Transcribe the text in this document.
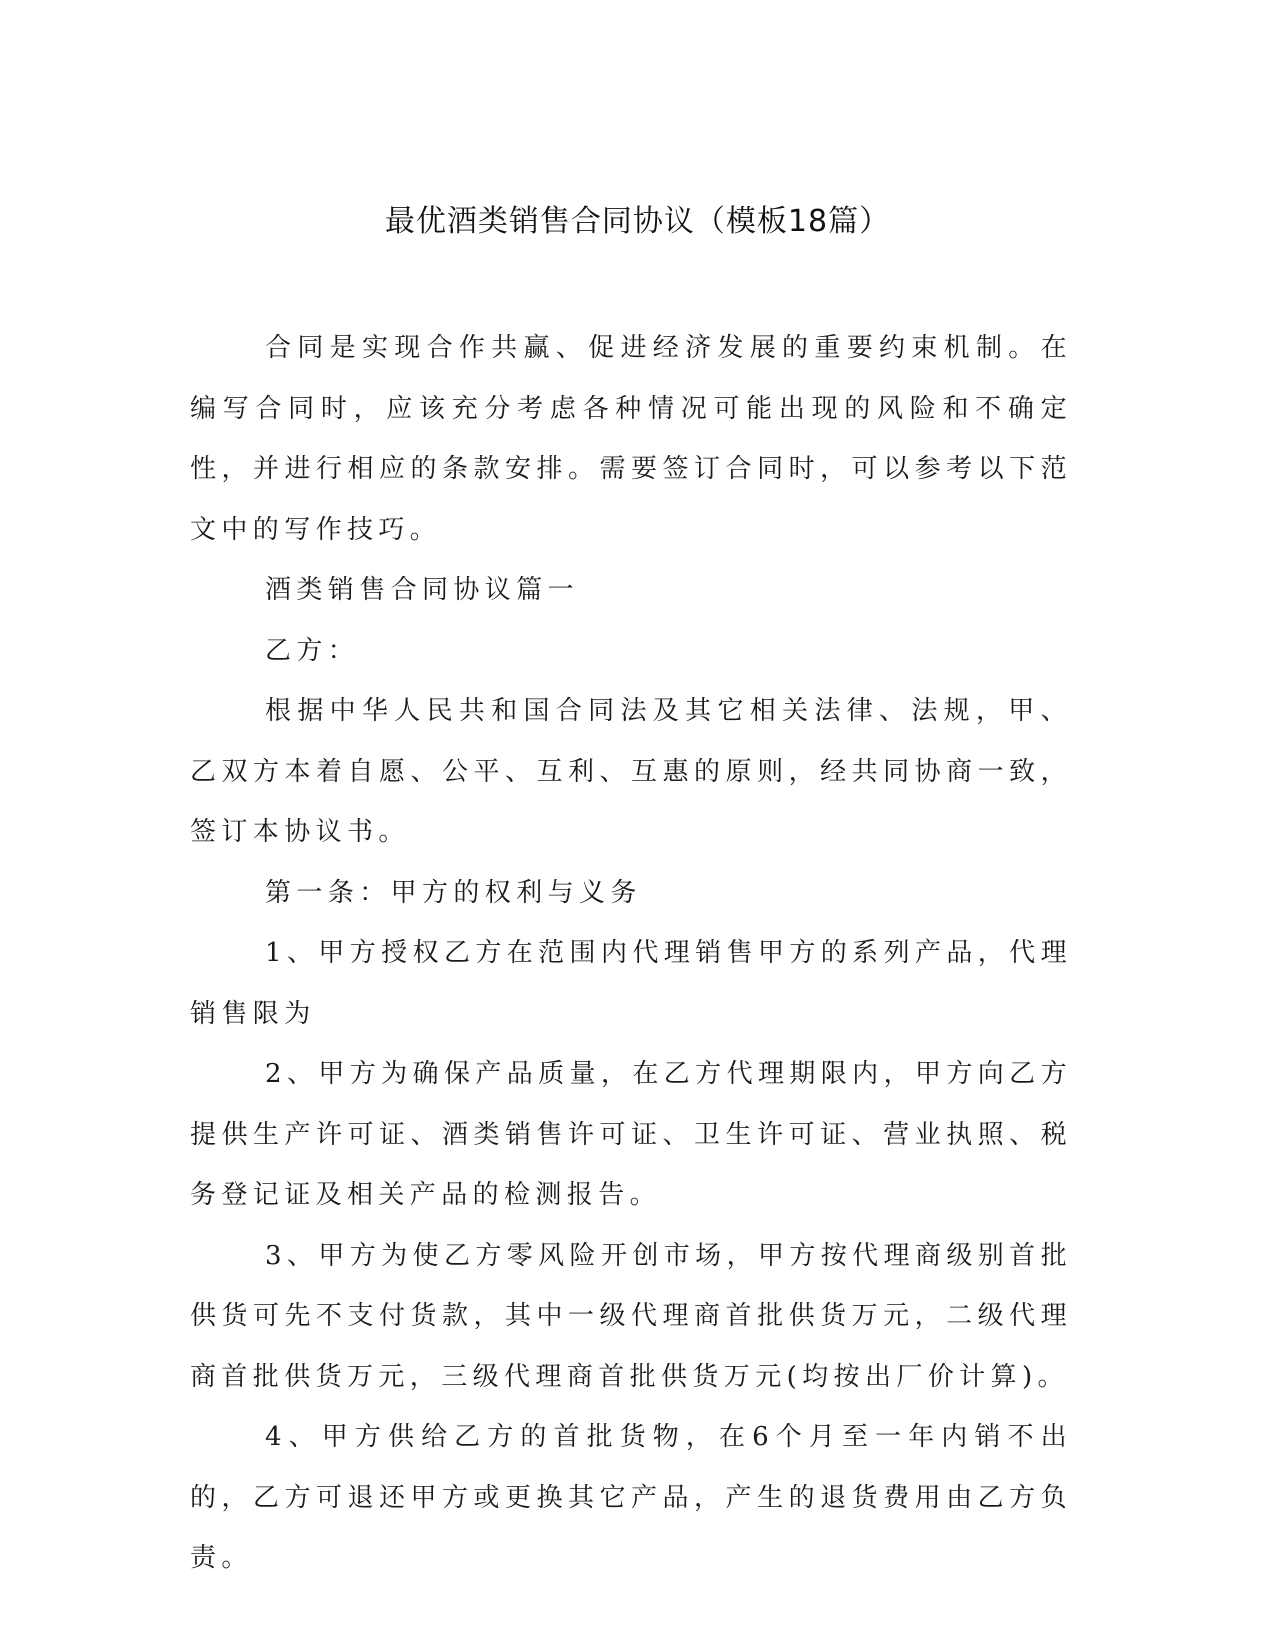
最优酒类销售合同协议（模板18篇）

合同是实现合作共赢、促进经济发展的重要约束机制。在编写合同时，应该充分考虑各种情况可能出现的风险和不确定性，并进行相应的条款安排。需要签订合同时，可以参考以下范文中的写作技巧。

酒类销售合同协议篇一

乙方：

根据中华人民共和国合同法及其它相关法律、法规，甲、乙双方本着自愿、公平、互利、互惠的原则，经共同协商一致，签订本协议书。

第一条：甲方的权利与义务

1、甲方授权乙方在范围内代理销售甲方的系列产品，代理销售限为

2、甲方为确保产品质量，在乙方代理期限内，甲方向乙方提供生产许可证、酒类销售许可证、卫生许可证、营业执照、税务登记证及相关产品的检测报告。

3、甲方为使乙方零风险开创市场，甲方按代理商级别首批供货可先不支付货款，其中一级代理商首批供货万元，二级代理商首批供货万元，三级代理商首批供货万元(均按出厂价计算)。

4、甲方供给乙方的首批货物，在6个月至一年内销不出的，乙方可退还甲方或更换其它产品，产生的退货费用由乙方负责。
